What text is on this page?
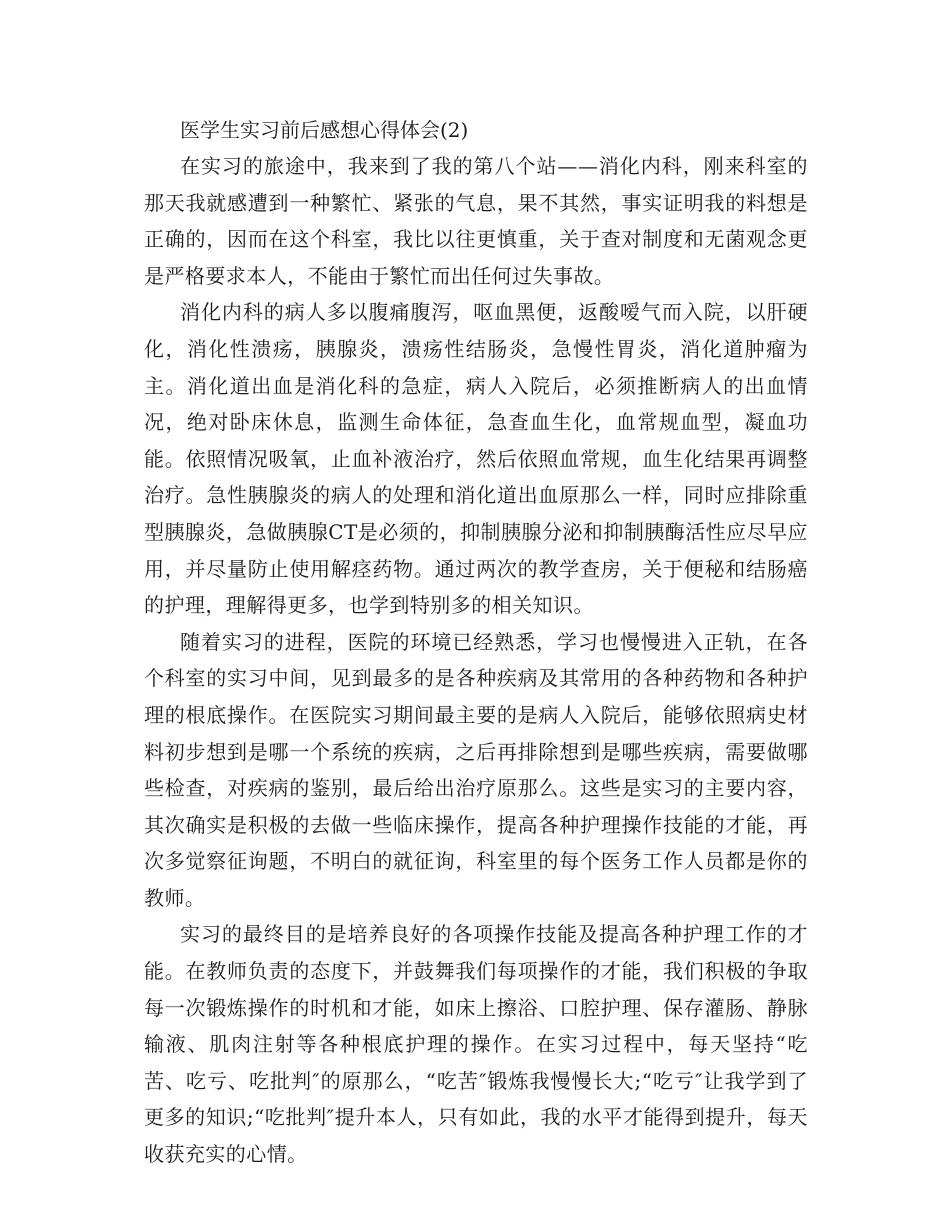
医学生实习前后感想心得体会(2)

在实习的旅途中，我来到了我的第八个站——消化内科，刚来科室的那天我就感遭到一种繁忙、紧张的气息，果不其然，事实证明我的料想是正确的，因而在这个科室，我比以往更慎重，关于查对制度和无菌观念更是严格要求本人，不能由于繁忙而出任何过失事故。

消化内科的病人多以腹痛腹泻，呕血黑便，返酸嗳气而入院，以肝硬化，消化性溃疡，胰腺炎，溃疡性结肠炎，急慢性胃炎，消化道肿瘤为主。消化道出血是消化科的急症，病人入院后，必须推断病人的出血情况，绝对卧床休息，监测生命体征，急查血生化，血常规血型，凝血功能。依照情况吸氧，止血补液治疗，然后依照血常规，血生化结果再调整治疗。急性胰腺炎的病人的处理和消化道出血原那么一样，同时应排除重型胰腺炎，急做胰腺CT是必须的，抑制胰腺分泌和抑制胰酶活性应尽早应用，并尽量防止使用解痉药物。通过两次的教学查房，关于便秘和结肠癌的护理，理解得更多，也学到特别多的相关知识。

随着实习的进程，医院的环境已经熟悉，学习也慢慢进入正轨，在各个科室的实习中间，见到最多的是各种疾病及其常用的各种药物和各种护理的根底操作。在医院实习期间最主要的是病人入院后，能够依照病史材料初步想到是哪一个系统的疾病，之后再排除想到是哪些疾病，需要做哪些检查，对疾病的鉴别，最后给出治疗原那么。这些是实习的主要内容，其次确实是积极的去做一些临床操作，提高各种护理操作技能的才能，再次多觉察征询题，不明白的就征询，科室里的每个医务工作人员都是你的教师。

实习的最终目的是培养良好的各项操作技能及提高各种护理工作的才能。在教师负责的态度下，并鼓舞我们每项操作的才能，我们积极的争取每一次锻炼操作的时机和才能，如床上擦浴、口腔护理、保存灌肠、静脉输液、肌肉注射等各种根底护理的操作。在实习过程中，每天坚持“吃苦、吃亏、吃批判″的原那么，“吃苦″锻炼我慢慢长大;“吃亏″让我学到了更多的知识;“吃批判″提升本人，只有如此，我的水平才能得到提升，每天收获充实的心情。
